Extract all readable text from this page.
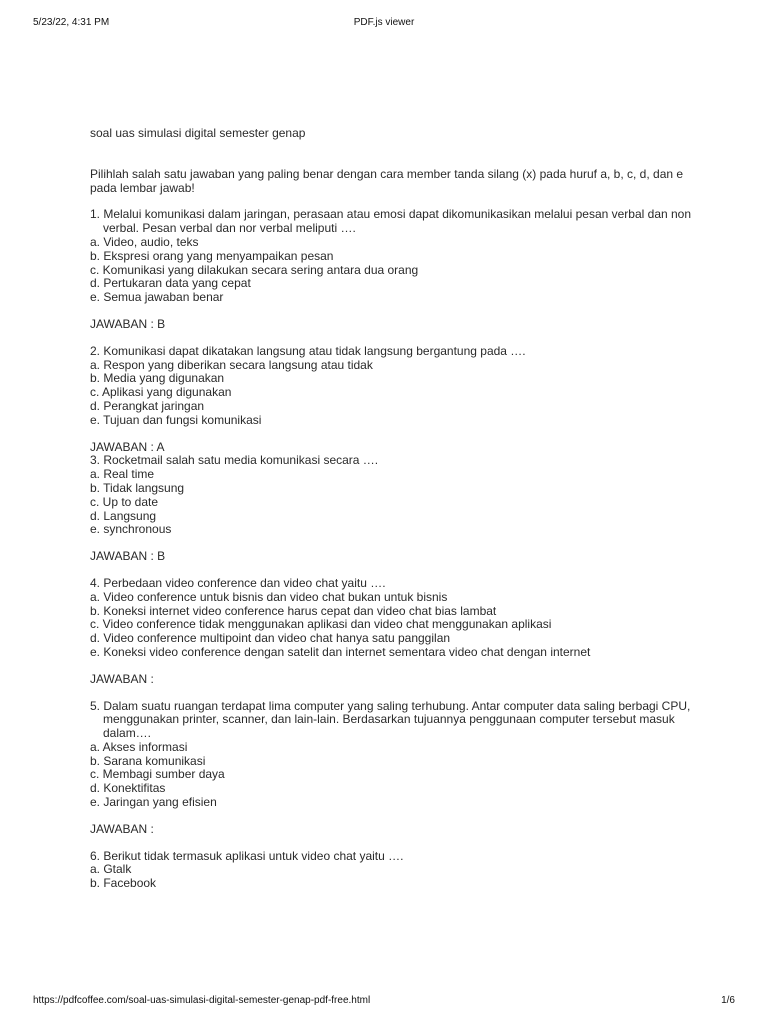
5/23/22, 4:31 PM	PDF.js viewer

soal uas simulasi digital semester genap

Pilihlah salah satu jawaban yang paling benar dengan cara member tanda silang (x) pada huruf a, b, c, d, dan e pada lembar jawab!

1. Melalui komunikasi dalam jaringan, perasaan atau emosi dapat dikomunikasikan melalui pesan verbal dan non verbal. Pesan verbal dan nor verbal meliputi ….

a. Video, audio, teks
b. Ekspresi orang yang menyampaikan pesan
c. Komunikasi yang dilakukan secara sering antara dua orang
d. Pertukaran data yang cepat
e. Semua jawaban benar

JAWABAN : B

2. Komunikasi dapat dikatakan langsung atau tidak langsung bergantung pada ….

a. Respon yang diberikan secara langsung atau tidak
b. Media yang digunakan
c. Aplikasi yang digunakan
d. Perangkat jaringan
e. Tujuan dan fungsi komunikasi

JAWABAN : A

3. Rocketmail salah satu media komunikasi secara ….

a. Real time
b. Tidak langsung
c. Up to date
d. Langsung
e. synchronous

JAWABAN : B

4. Perbedaan video conference dan video chat yaitu ….

a. Video conference untuk bisnis dan video chat bukan untuk bisnis
b. Koneksi internet video conference harus cepat dan video chat bias lambat
c. Video conference tidak menggunakan aplikasi dan video chat menggunakan aplikasi
d. Video conference multipoint dan video chat hanya satu panggilan
e. Koneksi video conference dengan satelit dan internet sementara video chat dengan internet

JAWABAN :

5. Dalam suatu ruangan terdapat lima computer yang saling terhubung. Antar computer data saling berbagi CPU, menggunakan printer, scanner, dan lain-lain. Berdasarkan tujuannya penggunaan computer tersebut masuk dalam….

a. Akses informasi
b. Sarana komunikasi
c. Membagi sumber daya
d. Konektifitas
e. Jaringan yang efisien

JAWABAN :

6. Berikut tidak termasuk aplikasi untuk video chat yaitu ….

a. Gtalk
b. Facebook
https://pdfcoffee.com/soal-uas-simulasi-digital-semester-genap-pdf-free.html	1/6
